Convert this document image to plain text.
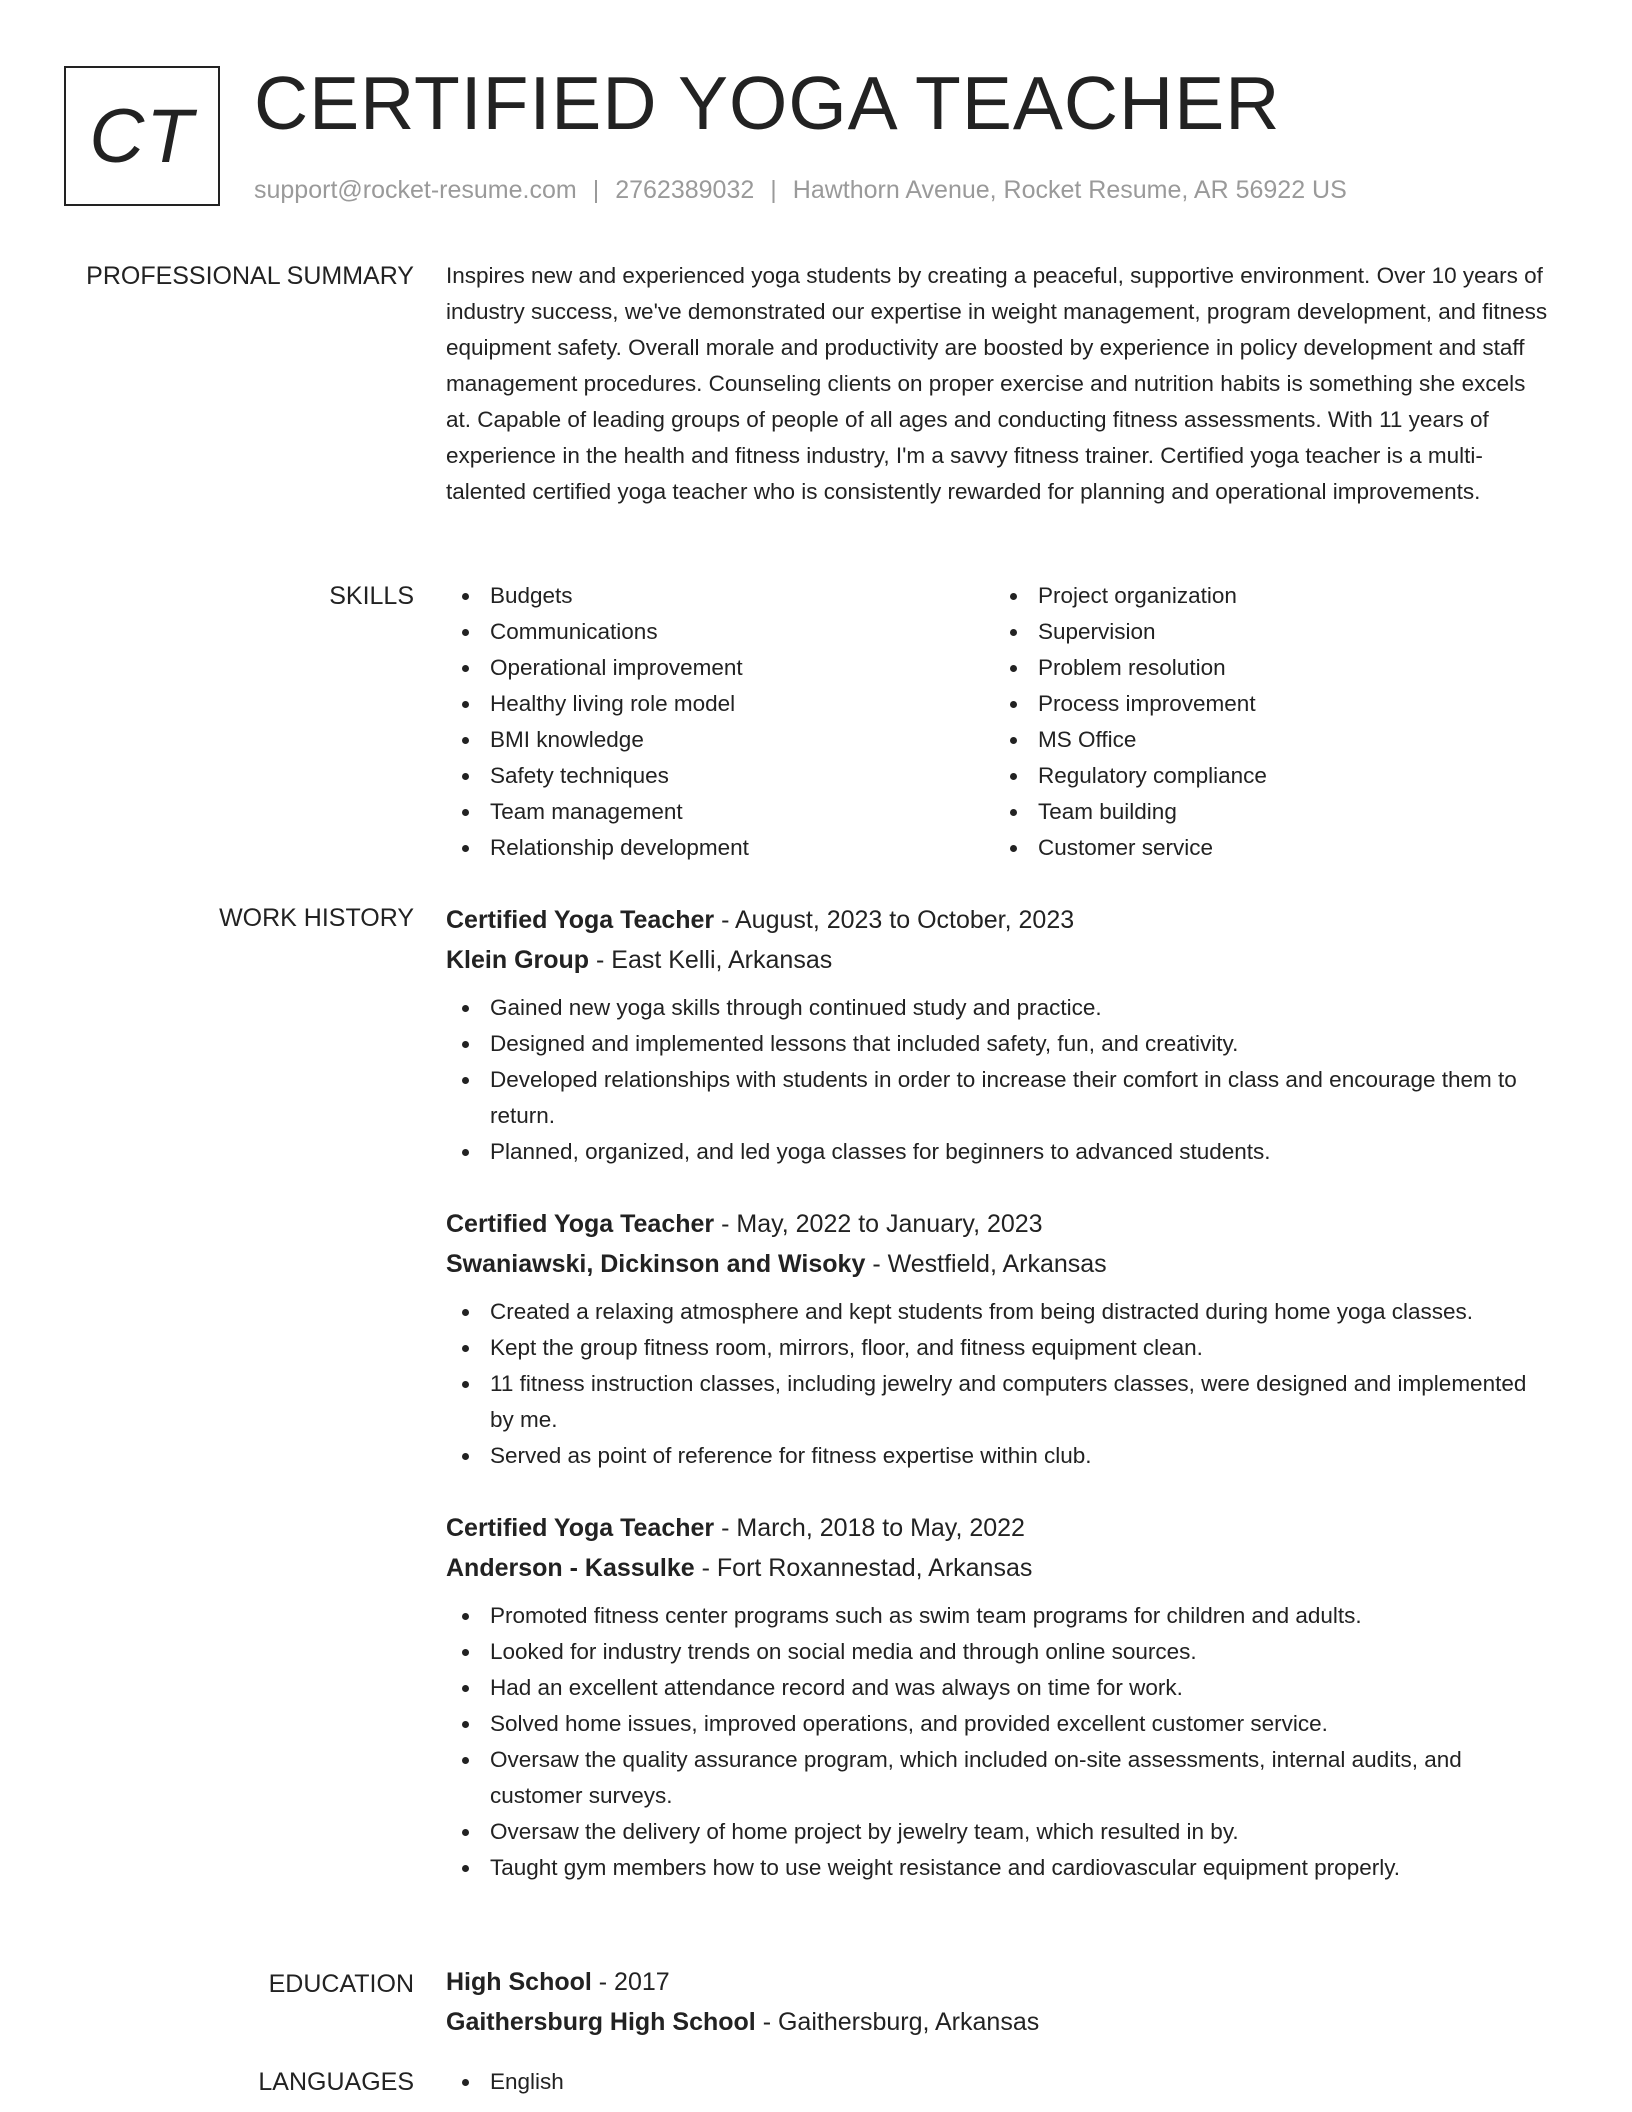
CT CERTIFIED YOGA TEACHER
support@rocket-resume.com | 2762389032 | Hawthorn Avenue, Rocket Resume, AR 56922 US
PROFESSIONAL SUMMARY Inspires new and experienced yoga students by creating a peaceful, supportive environment. Over 10 years of industry success, we've demonstrated our expertise in weight management, program development, and fitness equipment safety. Overall morale and productivity are boosted by experience in policy development and staff management procedures. Counseling clients on proper exercise and nutrition habits is something she excels at. Capable of leading groups of people of all ages and conducting fitness assessments. With 11 years of experience in the health and fitness industry, I'm a savvy fitness trainer. Certified yoga teacher is a multi-talented certified yoga teacher who is consistently rewarded for planning and operational improvements.

SKILLS	Budgets
Communications
Operational improvement
Healthy living role model
BMI knowledge
Safety techniques
Team management
Relationship development
Project organization
Supervision
Problem resolution
Process improvement
MS Office
Regulatory compliance
Team building
Customer service
WORK HISTORY Certified Yoga Teacher - August, 2023 to October, 2023
Klein Group - East Kelli, Arkansas
Gained new yoga skills through continued study and practice.
Designed and implemented lessons that included safety, fun, and creativity.
Developed relationships with students in order to increase their comfort in class and encourage them to return.
Planned, organized, and led yoga classes for beginners to advanced students.
Certified Yoga Teacher - May, 2022 to January, 2023
Swaniawski, Dickinson and Wisoky - Westfield, Arkansas
Created a relaxing atmosphere and kept students from being distracted during home yoga classes.
Kept the group fitness room, mirrors, floor, and fitness equipment clean.
11 fitness instruction classes, including jewelry and computers classes, were designed and implemented by me.
Served as point of reference for fitness expertise within club.
Certified Yoga Teacher - March, 2018 to May, 2022
Anderson - Kassulke - Fort Roxannestad, Arkansas
Promoted fitness center programs such as swim team programs for children and adults.
Looked for industry trends on social media and through online sources.
Had an excellent attendance record and was always on time for work.
Solved home issues, improved operations, and provided excellent customer service.
Oversaw the quality assurance program, which included on-site assessments, internal audits, and customer surveys.
Oversaw the delivery of home project by jewelry team, which resulted in by.
Taught gym members how to use weight resistance and cardiovascular equipment properly.
EDUCATION High School - 2017
Gaithersburg High School - Gaithersburg, Arkansas
LANGUAGES	English
